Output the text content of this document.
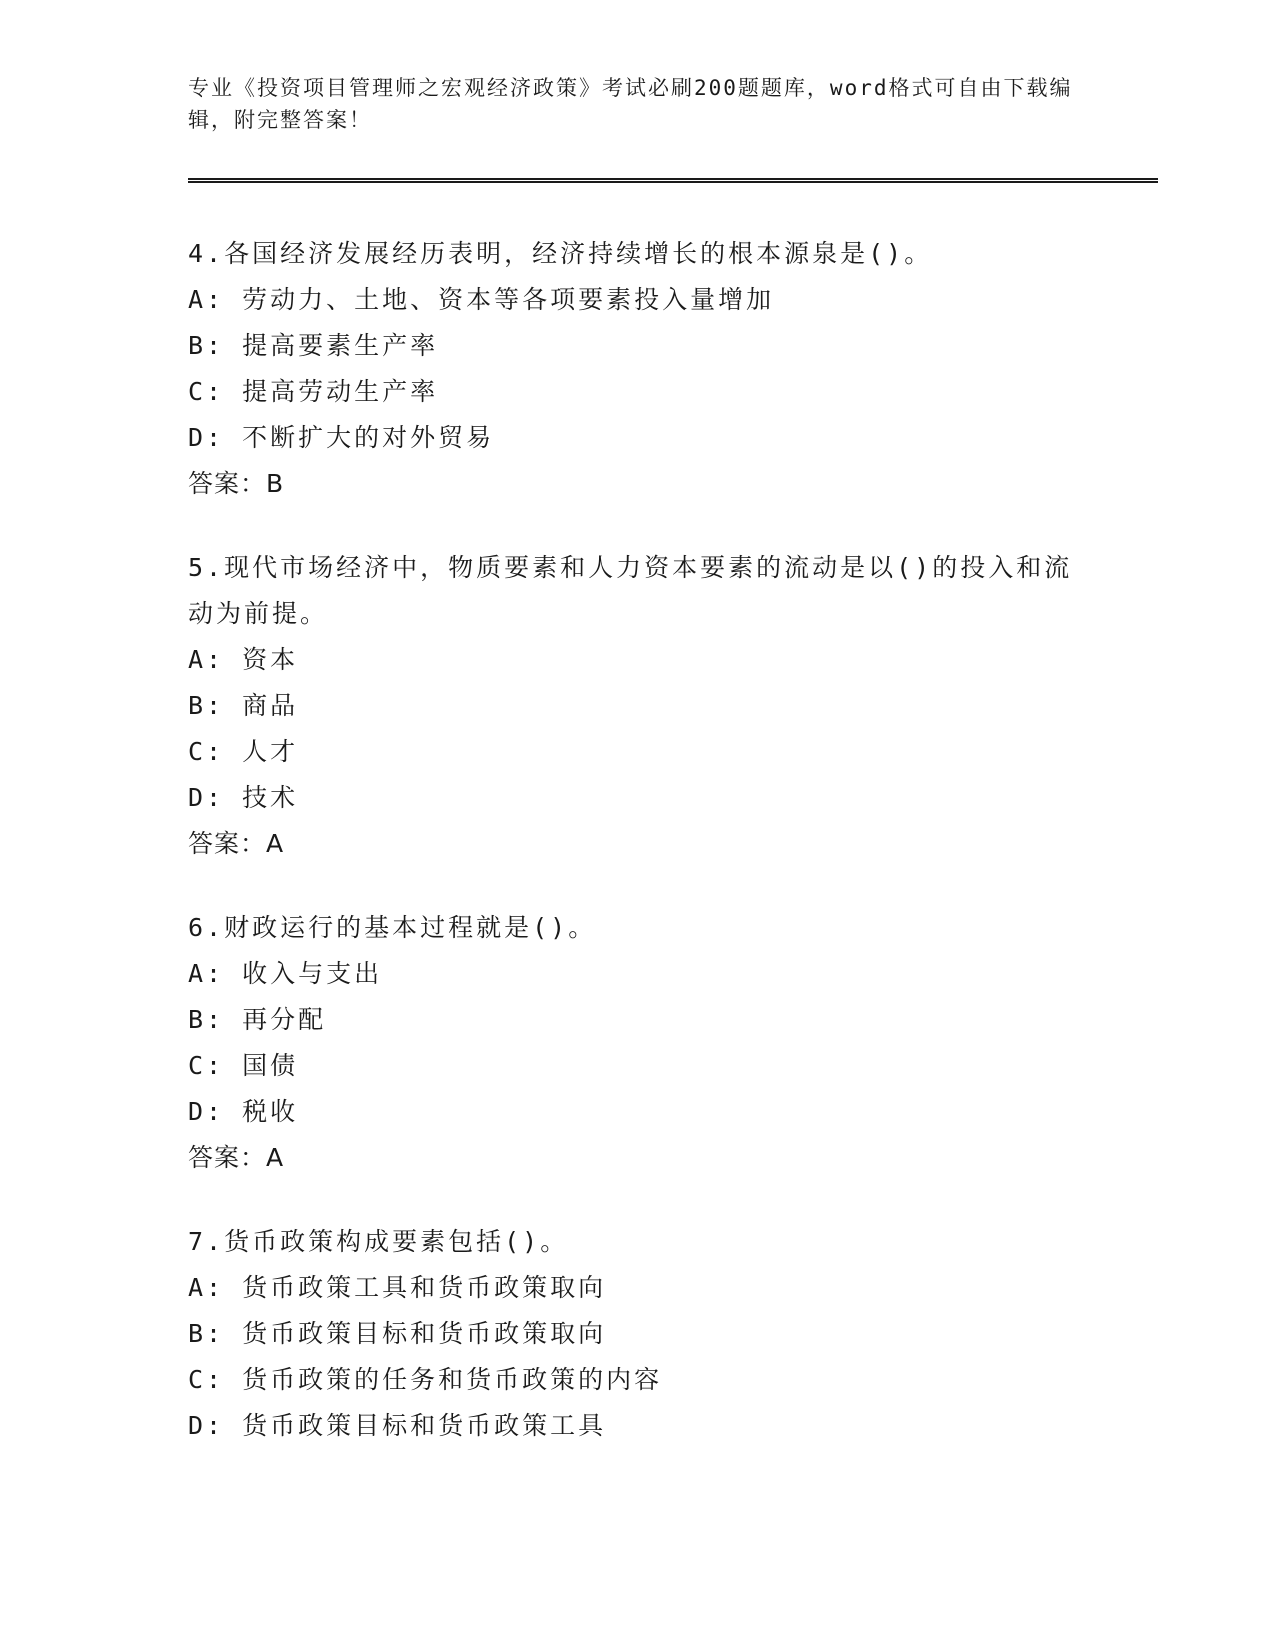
专业《投资项目管理师之宏观经济政策》考试必刷200题题库，word格式可自由下载编辑，附完整答案！

4.各国经济发展经历表明，经济持续增长的根本源泉是()。

A: 劳动力、土地、资本等各项要素投入量增加

B: 提高要素生产率

C: 提高劳动生产率

D: 不断扩大的对外贸易

答案：B

5.现代市场经济中，物质要素和人力资本要素的流动是以()的投入和流动为前提。

A: 资本

B: 商品

C: 人才

D: 技术

答案：A

6.财政运行的基本过程就是()。

A: 收入与支出

B: 再分配

C: 国债

D: 税收

答案：A

7.货币政策构成要素包括()。

A: 货币政策工具和货币政策取向

B: 货币政策目标和货币政策取向

C: 货币政策的任务和货币政策的内容

D: 货币政策目标和货币政策工具
